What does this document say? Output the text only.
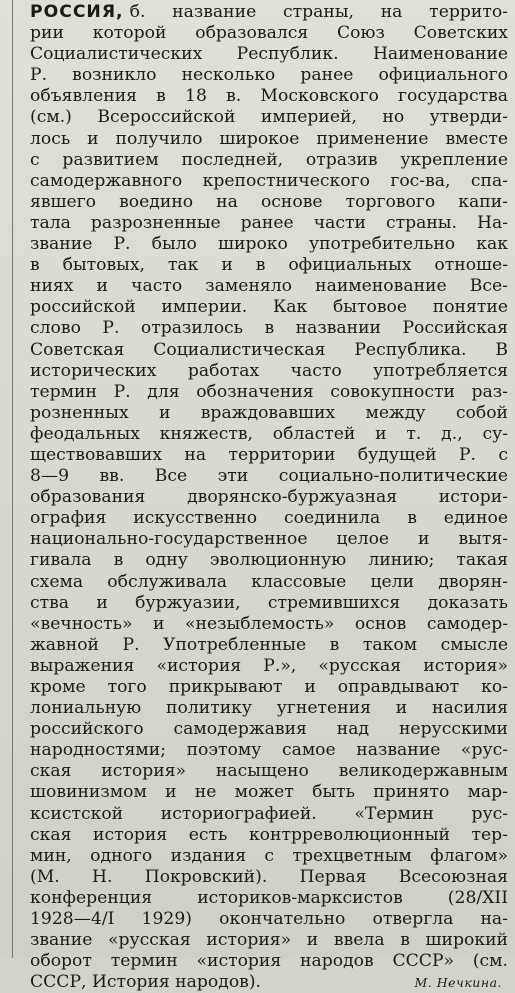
РОССИЯ, б. название страны, на террито-
рии которой образовался Союз Советских
Социалистических Республик. Наименование
Р. возникло несколько ранее официального
объявления в 18 в. Московского государства
(см.) Всероссийской империей, но утверди-
лось и получило широкое применение вместе
с развитием последней, отразив укрепление
самодержавного крепостнического гос-ва, спа-
явшего воедино на основе торгового капи-
тала разрозненные ранее части страны. На-
звание Р. было широко употребительно как
в бытовых, так и в официальных отноше-
ниях и часто заменяло наименование Все-
российской империи. Как бытовое понятие
слово Р. отразилось в названии Российская
Советская Социалистическая Республика. В
исторических работах часто употребляется
термин Р. для обозначения совокупности раз-
розненных и враждовавших между собой
феодальных княжеств, областей и т. д., су-
ществовавших на территории будущей Р. с
8—9 вв. Все эти социально-политические
образования дворянско-буржуазная истори-
ография искусственно соединила в единое
национально-государственное целое и вытя-
гивала в одну эволюционную линию; такая
схема обслуживала классовые цели дворян-
ства и буржуазии, стремившихся доказать
«вечность» и «незыблемость» основ самодер-
жавной Р. Употребленные в таком смысле
выражения «история Р.», «русская история»
кроме того прикрывают и оправдывают ко-
лониальную политику угнетения и насилия
российского самодержавия над нерусскими
народностями; поэтому самое название «рус-
ская история» насыщено великодержавным
шовинизмом и не может быть принято мар-
ксистской историографией. «Термин рус-
ская история есть контрреволюционный тер-
мин, одного издания с трехцветным флагом»
(М. Н. Покровский). Первая Всесоюзная
конференция историков-марксистов (28/XII
1928—4/I 1929) окончательно отвергла на-
звание «русская история» и ввела в широкий
оборот термин «история народов СССР» (см.
СССР, История народов).	М. Нечкина.
